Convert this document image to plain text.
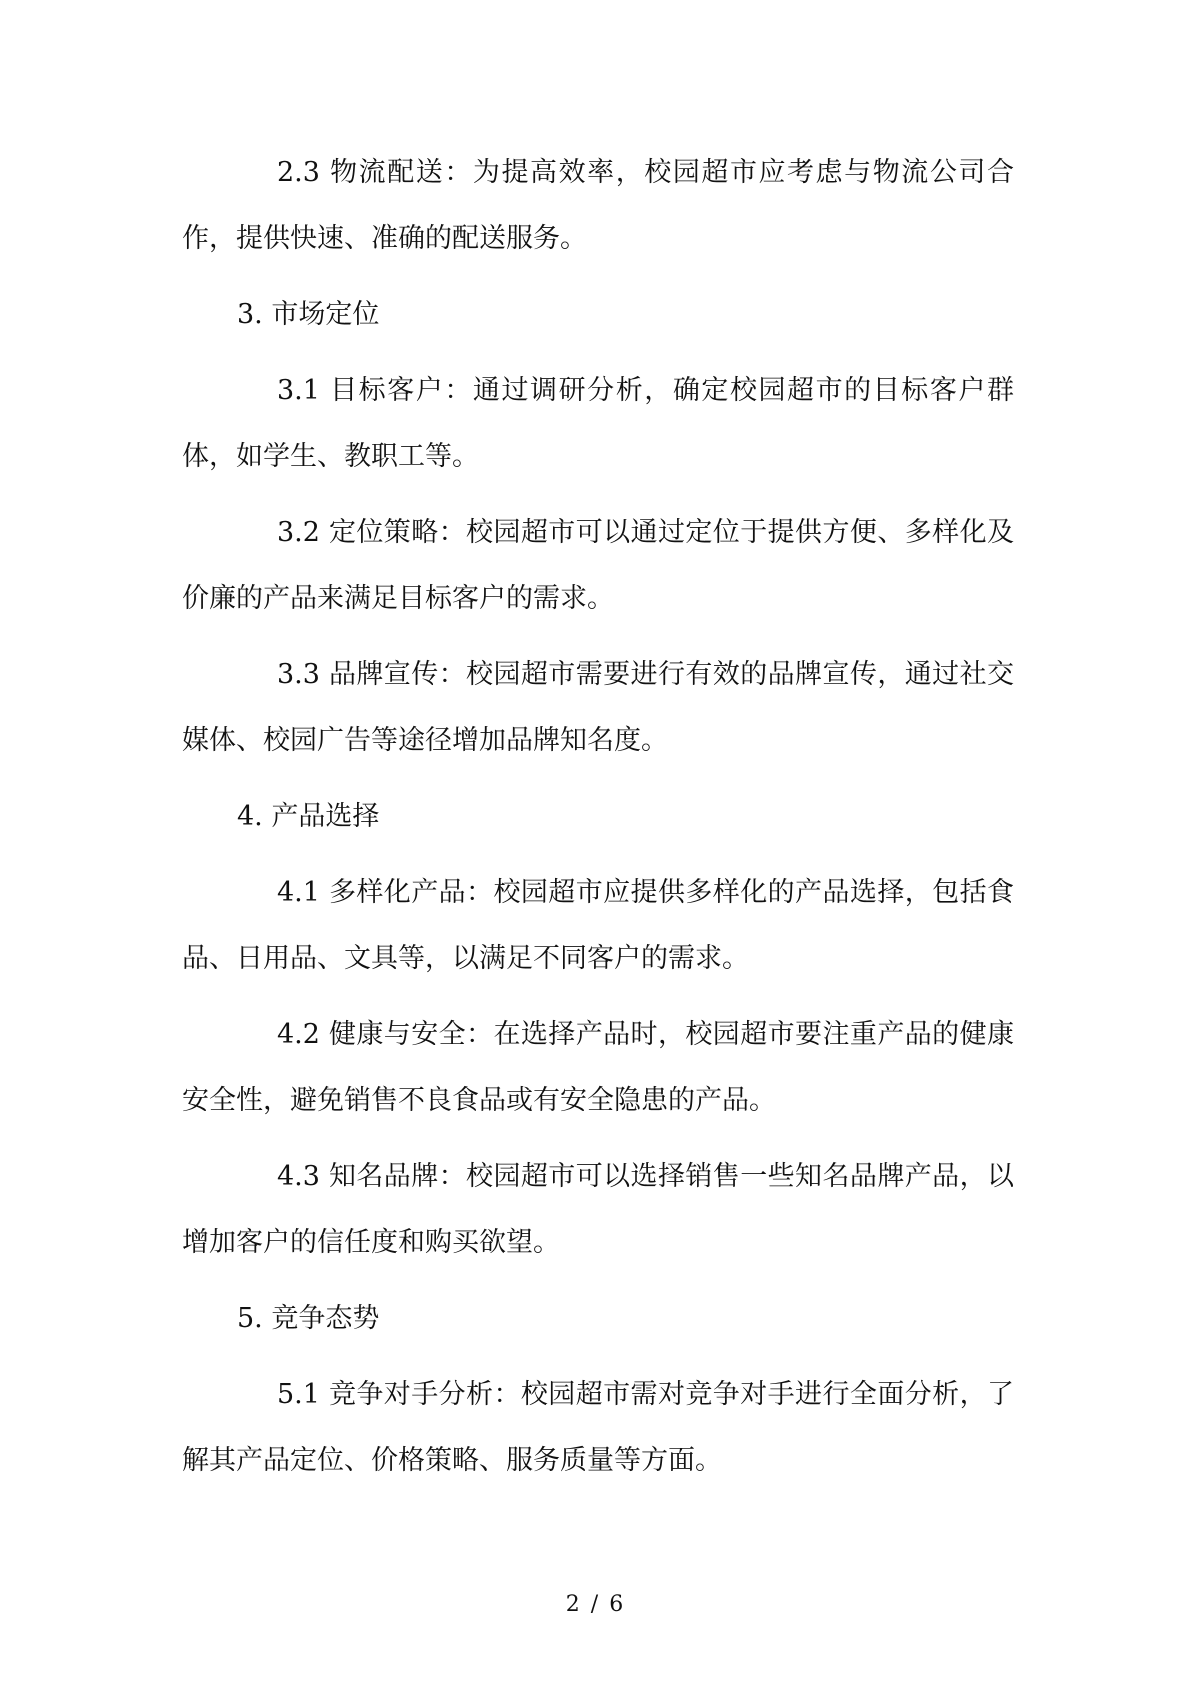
2.3 物流配送：为提高效率，校园超市应考虑与物流公司合作，提供快速、准确的配送服务。

3. 市场定位

3.1 目标客户：通过调研分析，确定校园超市的目标客户群体，如学生、教职工等。

3.2 定位策略：校园超市可以通过定位于提供方便、多样化及价廉的产品来满足目标客户的需求。

3.3 品牌宣传：校园超市需要进行有效的品牌宣传，通过社交媒体、校园广告等途径增加品牌知名度。

4. 产品选择

4.1 多样化产品：校园超市应提供多样化的产品选择，包括食品、日用品、文具等，以满足不同客户的需求。

4.2 健康与安全：在选择产品时，校园超市要注重产品的健康安全性，避免销售不良食品或有安全隐患的产品。

4.3 知名品牌：校园超市可以选择销售一些知名品牌产品，以增加客户的信任度和购买欲望。

5. 竞争态势

5.1 竞争对手分析：校园超市需对竞争对手进行全面分析，了解其产品定位、价格策略、服务质量等方面。

2 / 6
